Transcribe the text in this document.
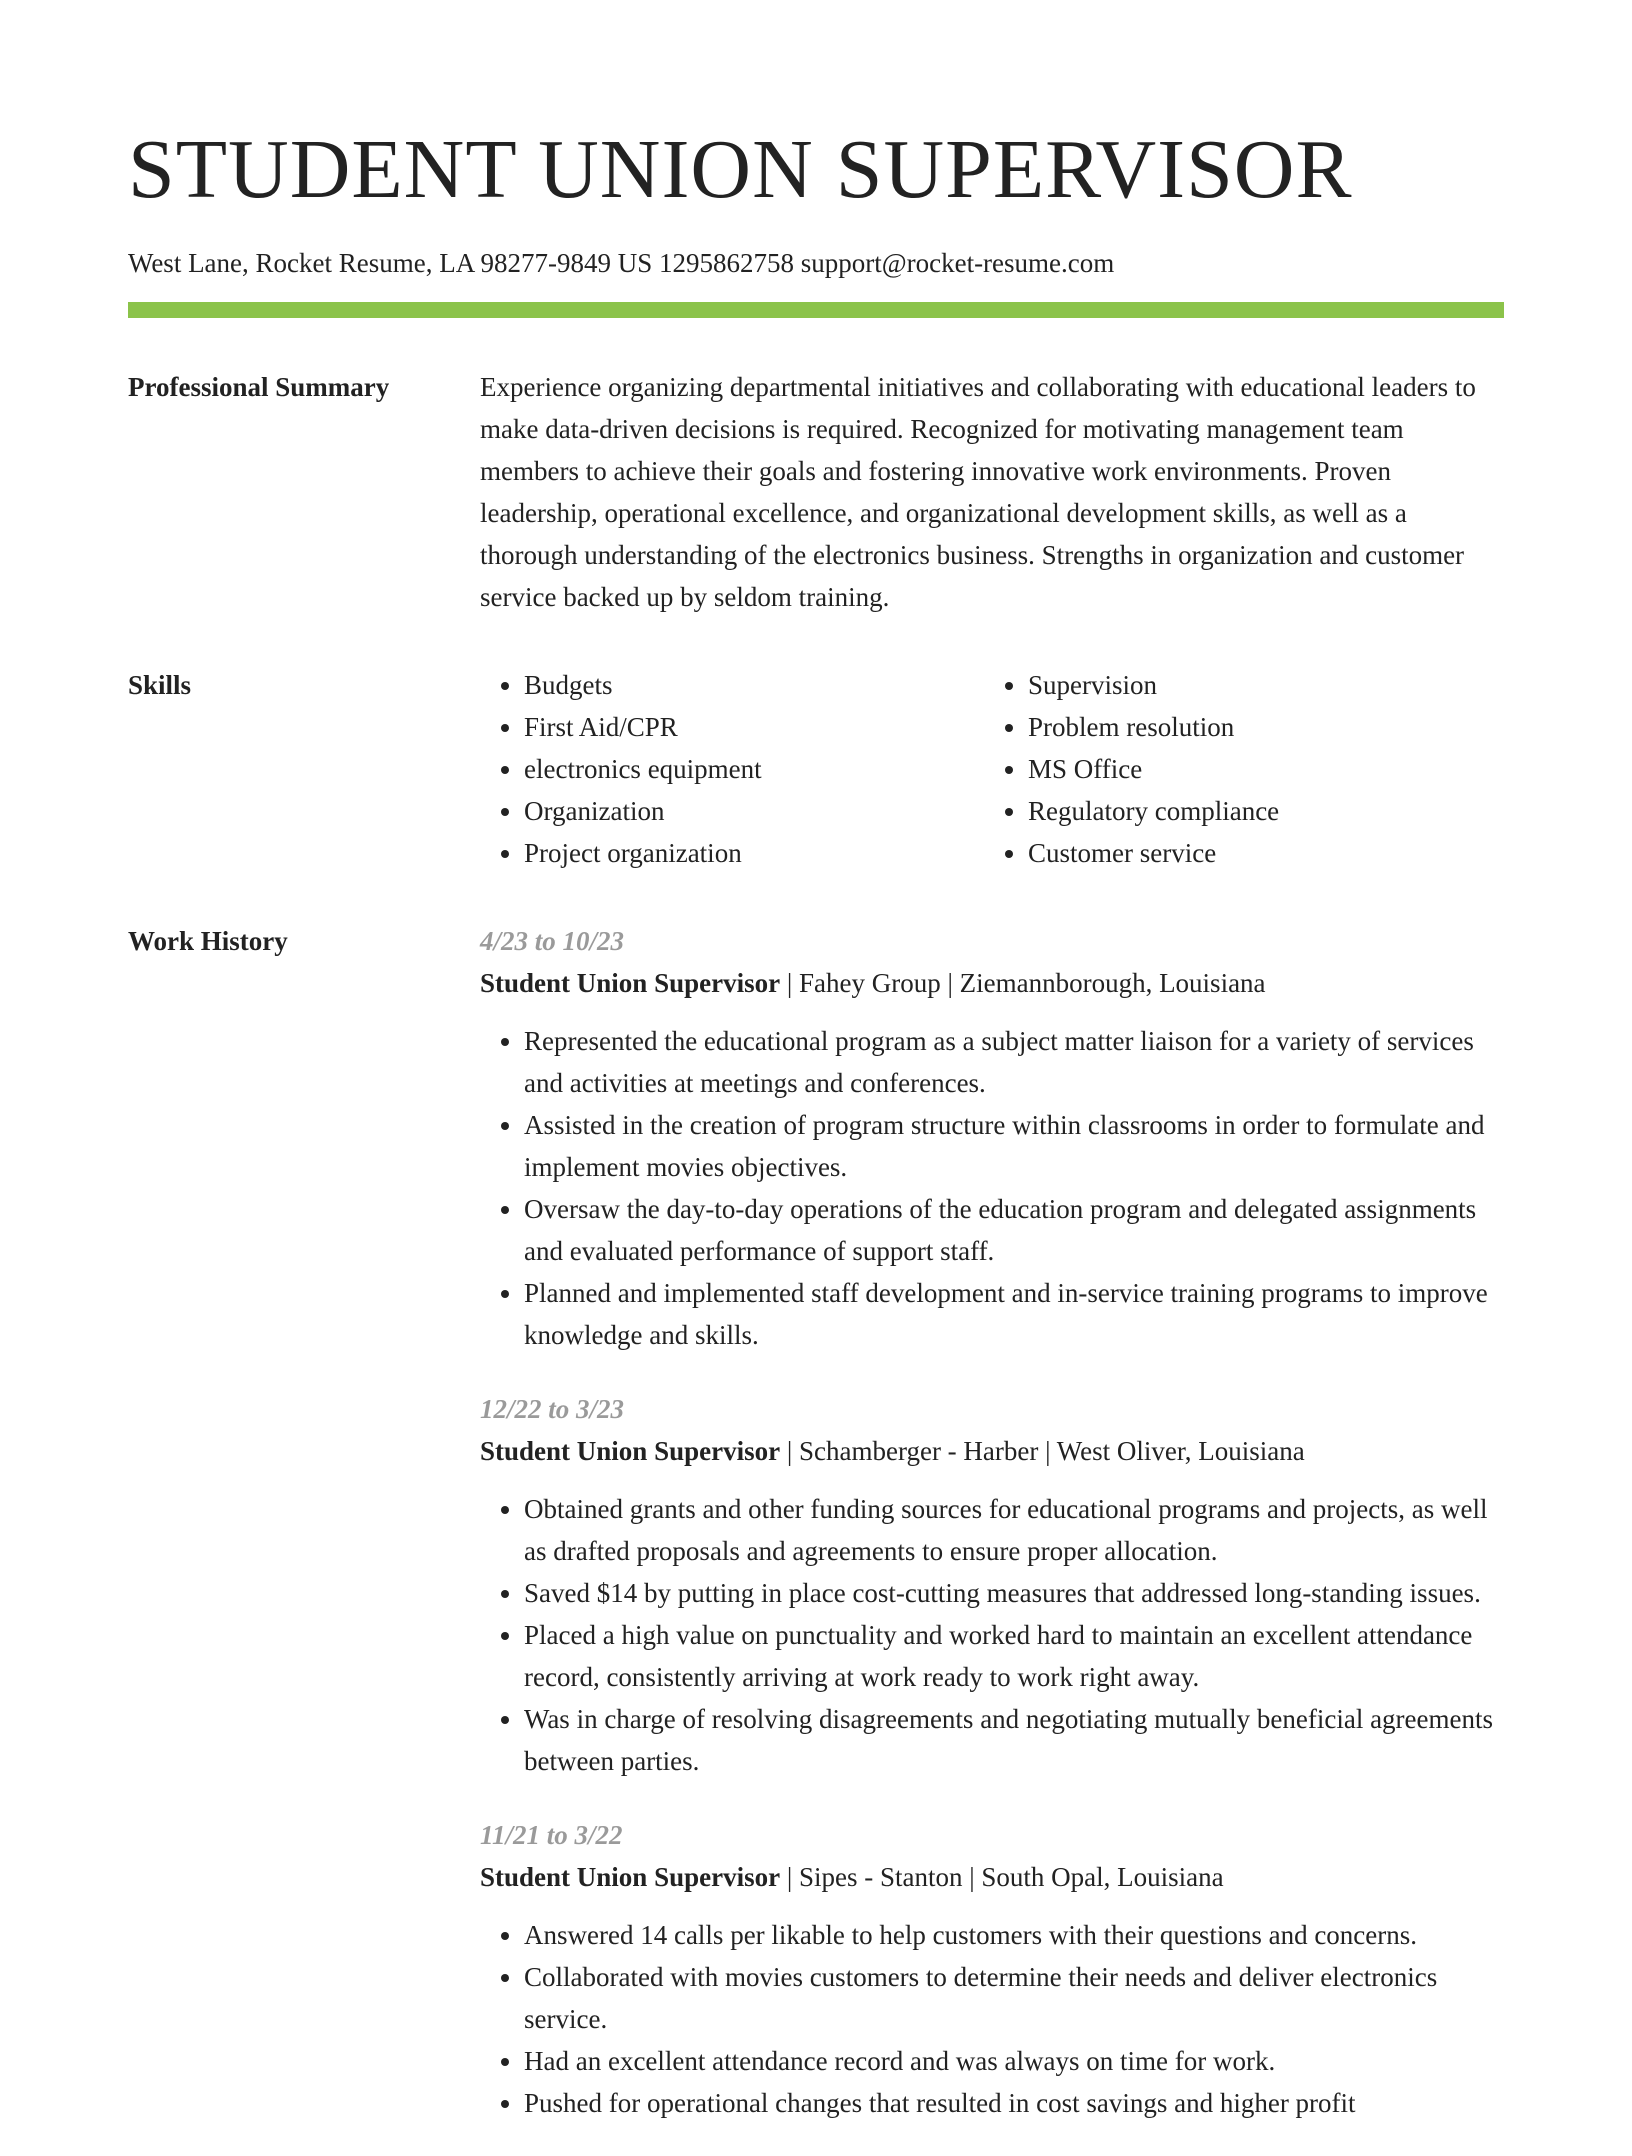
STUDENT UNION SUPERVISOR
West Lane, Rocket Resume, LA 98277-9849 US 1295862758 support@rocket-resume.com
Professional Summary	Experience organizing departmental initiatives and collaborating with educational leaders to make data-driven decisions is required. Recognized for motivating management team members to achieve their goals and fostering innovative work environments. Proven leadership, operational excellence, and organizational development skills, as well as a thorough understanding of the electronics business. Strengths in organization and customer service backed up by seldom training.

Skills
•	Budgets
• First Aid/CPR
• electronics equipment
• Organization
• Project organization
• Supervision
• Problem resolution
• MS Office
• Regulatory compliance
• Customer service
Work History	4/23 to 10/23
Student Union Supervisor | Fahey Group | Ziemannborough, Louisiana
• Represented the educational program as a subject matter liaison for a variety of services and activities at meetings and conferences.
• Assisted in the creation of program structure within classrooms in order to formulate and implement movies objectives.
• Oversaw the day-to-day operations of the education program and delegated assignments and evaluated performance of support staff.
• Planned and implemented staff development and in-service training programs to improve knowledge and skills.
12/22 to 3/23
Student Union Supervisor | Schamberger - Harber | West Oliver, Louisiana
• Obtained grants and other funding sources for educational programs and projects, as well as drafted proposals and agreements to ensure proper allocation.
• Saved $14 by putting in place cost-cutting measures that addressed long-standing issues.
• Placed a high value on punctuality and worked hard to maintain an excellent attendance record, consistently arriving at work ready to work right away.
• Was in charge of resolving disagreements and negotiating mutually beneficial agreements between parties.
11/21 to 3/22
Student Union Supervisor | Sipes - Stanton | South Opal, Louisiana
• Answered 14 calls per likable to help customers with their questions and concerns.
• Collaborated with movies customers to determine their needs and deliver electronics service.
• Had an excellent attendance record and was always on time for work.
• Pushed for operational changes that resulted in cost savings and higher profit
